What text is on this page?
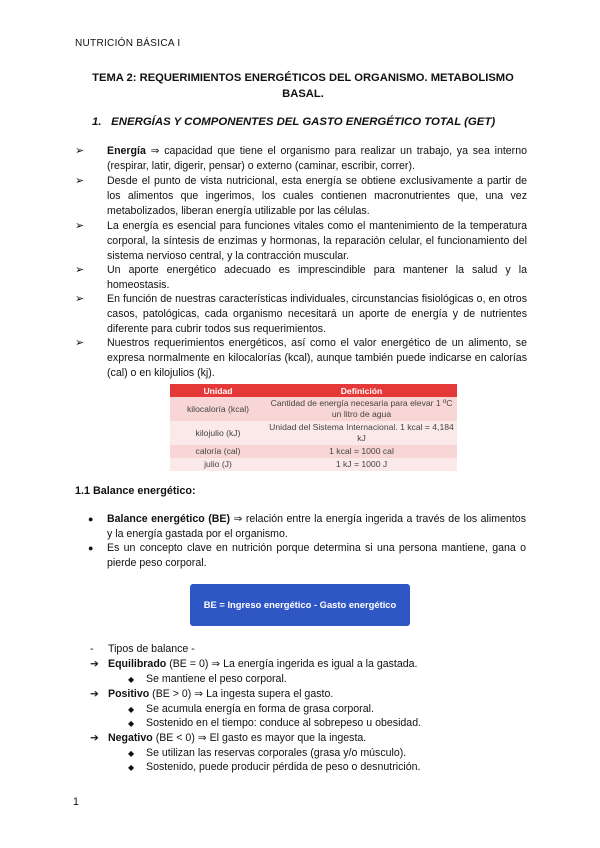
NUTRICIÓN BÁSICA I
TEMA 2: REQUERIMIENTOS ENERGÉTICOS DEL ORGANISMO. METABOLISMO BASAL.
1. ENERGÍAS Y COMPONENTES DEL GASTO ENERGÉTICO TOTAL (GET)
➢ Energía ⇒ capacidad que tiene el organismo para realizar un trabajo, ya sea interno (respirar, latir, digerir, pensar) o externo (caminar, escribir, correr).
➢ Desde el punto de vista nutricional, esta energía se obtiene exclusivamente a partir de los alimentos que ingerimos, los cuales contienen macronutrientes que, una vez metabolizados, liberan energía utilizable por las células.
➢ La energía es esencial para funciones vitales como el mantenimiento de la temperatura corporal, la síntesis de enzimas y hormonas, la reparación celular, el funcionamiento del sistema nervioso central, y la contracción muscular.
➢ Un aporte energético adecuado es imprescindible para mantener la salud y la homeostasis.
➢ En función de nuestras características individuales, circunstancias fisiológicas o, en otros casos, patológicas, cada organismo necesitará un aporte de energía y de nutrientes diferente para cubrir todos sus requerimientos.
➢ Nuestros requerimientos energéticos, así como el valor energético de un alimento, se expresa normalmente en kilocalorías (kcal), aunque también puede indicarse en calorías (cal) o en kilojulios (kj).
Unidad	Definición
kilocaloría (kcal)	Cantidad de energía necesaria para elevar 1 ºC un litro de agua
kilojulio (kJ)	Unidad del Sistema Internacional. 1 kcal = 4,184 kJ
caloría (cal)	1 kcal = 1000 cal
julio (J)	1 kJ = 1000 J
1.1 Balance energético:
● Balance energético (BE) ⇒ relación entre la energía ingerida a través de los alimentos y la energía gastada por el organismo.
● Es un concepto clave en nutrición porque determina si una persona mantiene, gana o pierde peso corporal.
BE = Ingreso energético - Gasto energético
- Tipos de balance -
➔ Equilibrado (BE = 0) ⇒ La energía ingerida es igual a la gastada.
◆ Se mantiene el peso corporal.
➔ Positivo (BE > 0) ⇒ La ingesta supera el gasto.
◆ Se acumula energía en forma de grasa corporal.
◆ Sostenido en el tiempo: conduce al sobrepeso u obesidad.
➔ Negativo (BE < 0) ⇒ El gasto es mayor que la ingesta.
◆ Se utilizan las reservas corporales (grasa y/o músculo).
◆ Sostenido, puede producir pérdida de peso o desnutrición.
1
